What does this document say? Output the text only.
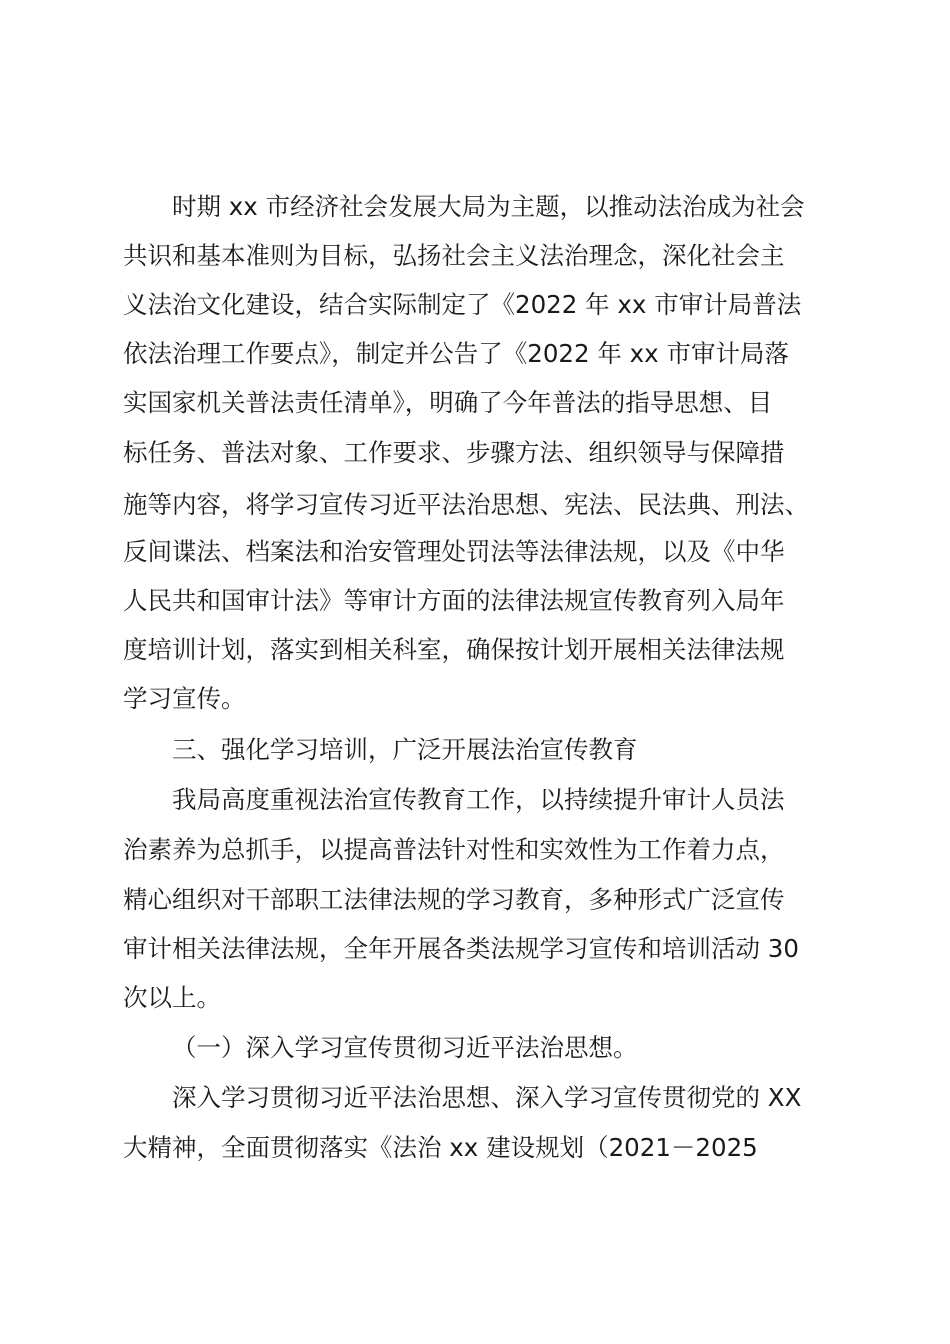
时期 xx 市经济社会发展大局为主题，以推动法治成为社会
共识和基本准则为目标，弘扬社会主义法治理念，深化社会主
义法治文化建设，结合实际制定了《2022 年 xx 市审计局普法
依法治理工作要点》，制定并公告了《2022 年 xx 市审计局落
实国家机关普法责任清单》，明确了今年普法的指导思想、目
标任务、普法对象、工作要求、步骤方法、组织领导与保障措
施等内容，将学习宣传习近平法治思想、宪法、民法典、刑法、
反间谍法、档案法和治安管理处罚法等法律法规，以及《中华
人民共和国审计法》等审计方面的法律法规宣传教育列入局年
度培训计划，落实到相关科室，确保按计划开展相关法律法规
学习宣传。
三、强化学习培训，广泛开展法治宣传教育
我局高度重视法治宣传教育工作，以持续提升审计人员法
治素养为总抓手，以提高普法针对性和实效性为工作着力点，
精心组织对干部职工法律法规的学习教育，多种形式广泛宣传
审计相关法律法规，全年开展各类法规学习宣传和培训活动 30
次以上。
（一）深入学习宣传贯彻习近平法治思想。
深入学习贯彻习近平法治思想、深入学习宣传贯彻党的 XX
大精神，全面贯彻落实《法治 xx 建设规划（2021－2025
